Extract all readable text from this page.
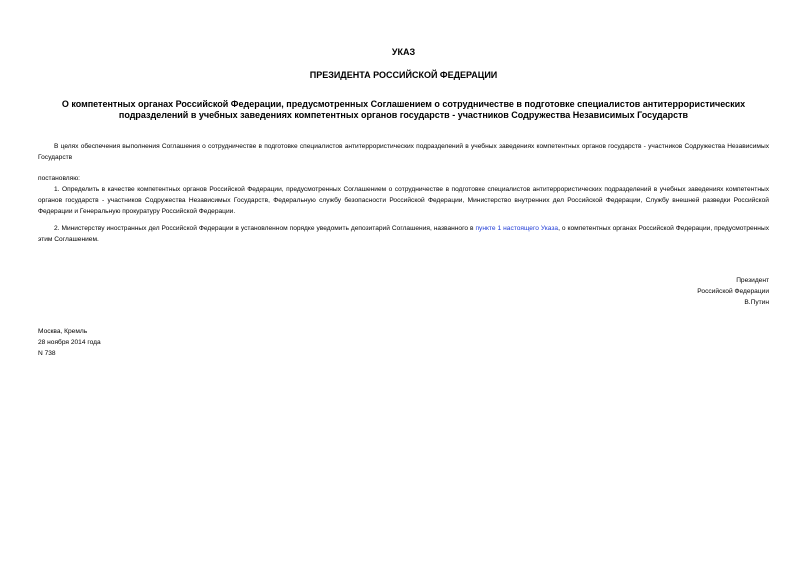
УКАЗ
ПРЕЗИДЕНТА РОССИЙСКОЙ ФЕДЕРАЦИИ
О компетентных органах Российской Федерации, предусмотренных Соглашением о сотрудничестве в подготовке специалистов антитеррористических подразделений в учебных заведениях компетентных органов государств - участников Содружества Независимых Государств
В целях обеспечения выполнения Соглашения о сотрудничестве в подготовке специалистов антитеррористических подразделений в учебных заведениях компетентных органов государств - участников Содружества Независимых Государств
постановляю:
1. Определить в качестве компетентных органов Российской Федерации, предусмотренных Соглашением о сотрудничестве в подготовке специалистов антитеррористических подразделений в учебных заведениях компетентных органов государств - участников Содружества Независимых Государств, Федеральную службу безопасности Российской Федерации, Министерство внутренних дел Российской Федерации, Службу внешней разведки Российской Федерации и Генеральную прокуратуру Российской Федерации.
2. Министерству иностранных дел Российской Федерации в установленном порядке уведомить депозитарий Соглашения, названного в пункте 1 настоящего Указа, о компетентных органах Российской Федерации, предусмотренных этим Соглашением.
Президент
Российской Федерации
В.Путин
Москва, Кремль
28 ноября 2014 года
N 738
